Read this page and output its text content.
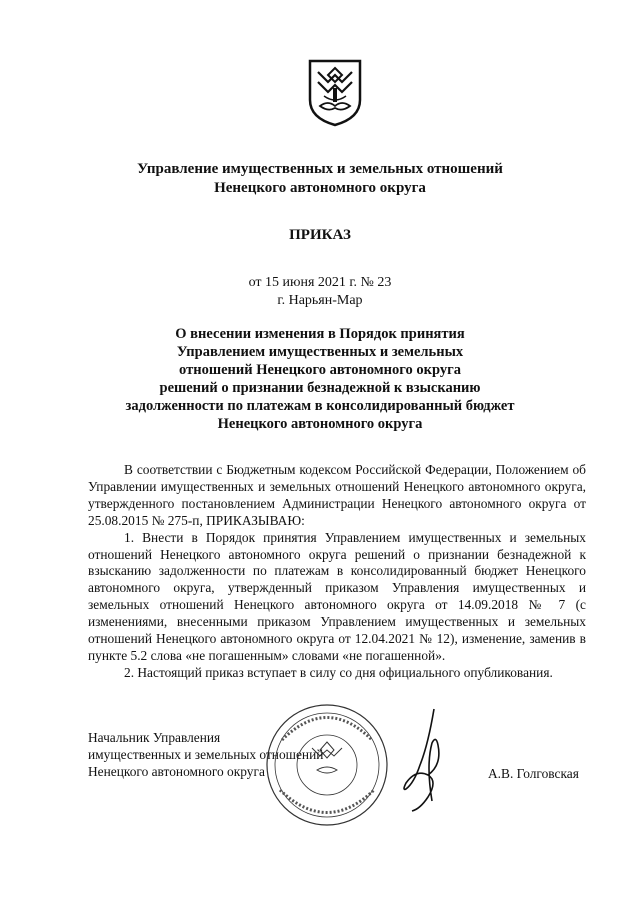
Управление имущественных и земельных отношений
Ненецкого автономного округа
ПРИКАЗ
от 15 июня 2021 г. № 23
г. Нарьян-Мар
О внесении изменения в Порядок принятия
Управлением имущественных и земельных
отношений Ненецкого автономного округа
решений о признании безнадежной к взысканию
задолженности по платежам в консолидированный бюджет
Ненецкого автономного округа

В соответствии с Бюджетным кодексом Российской Федерации, Положением об Управлении имущественных и земельных отношений Ненецкого автономного округа, утвержденного постановлением Администрации Ненецкого автономного округа от 25.08.2015 № 275-п, ПРИКАЗЫВАЮ:

1. Внести в Порядок принятия Управлением имущественных и земельных отношений Ненецкого автономного округа решений о признании безнадежной к взысканию задолженности по платежам в консолидированный бюджет Ненецкого автономного округа, утвержденный приказом Управления имущественных и земельных отношений Ненецкого автономного округа от 14.09.2018 № 7 (с изменениями, внесенными приказом Управлением имущественных и земельных отношений Ненецкого автономного округа от 12.04.2021 № 12), изменение, заменив в пункте 5.2 слова «не погашенным» словами «не погашенной».

2. Настоящий приказ вступает в силу со дня официального опубликования.

Начальник Управления
имущественных и земельных отношений
Ненецкого автономного округа	А.В. Голговская
